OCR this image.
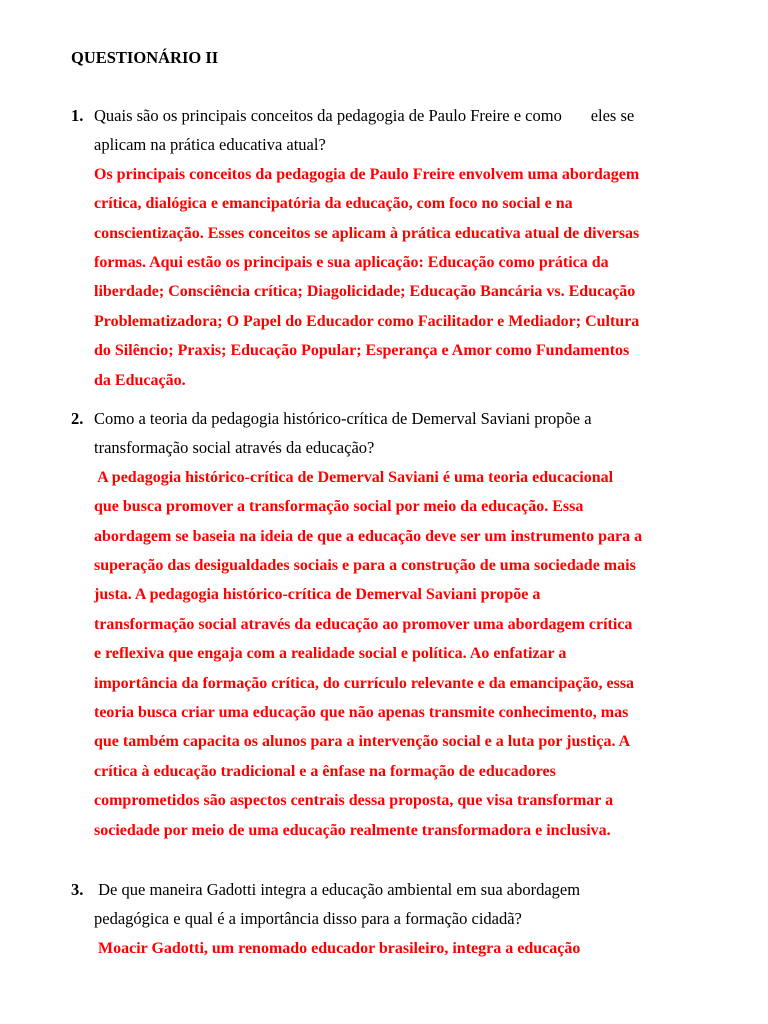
QUESTIONÁRIO II
1. Quais são os principais conceitos da pedagogia de Paulo Freire e como       eles se
aplicam na prática educativa atual?

Os principais conceitos da pedagogia de Paulo Freire envolvem uma abordagem
crítica, dialógica e emancipatória da educação, com foco no social e na
conscientização. Esses conceitos se aplicam à prática educativa atual de diversas
formas. Aqui estão os principais e sua aplicação: Educação como prática da
liberdade; Consciência crítica; Diagolicidade; Educação Bancária vs. Educação
Problematizadora; O Papel do Educador como Facilitador e Mediador; Cultura
do Silêncio; Praxis; Educação Popular; Esperança e Amor como Fundamentos
da Educação.
2. Como a teoria da pedagogia histórico-crítica de Demerval Saviani propõe a
transformação social através da educação?

A pedagogia histórico-crítica de Demerval Saviani é uma teoria educacional
que busca promover a transformação social por meio da educação. Essa
abordagem se baseia na ideia de que a educação deve ser um instrumento para a
superação das desigualdades sociais e para a construção de uma sociedade mais
justa. A pedagogia histórico-crítica de Demerval Saviani propõe a
transformação social através da educação ao promover uma abordagem crítica
e reflexiva que engaja com a realidade social e política. Ao enfatizar a
importância da formação crítica, do currículo relevante e da emancipação, essa
teoria busca criar uma educação que não apenas transmite conhecimento, mas
que também capacita os alunos para a intervenção social e a luta por justiça. A
crítica à educação tradicional e a ênfase na formação de educadores
comprometidos são aspectos centrais dessa proposta, que visa transformar a
sociedade por meio de uma educação realmente transformadora e inclusiva.
3. De que maneira Gadotti integra a educação ambiental em sua abordagem
pedagógica e qual é a importância disso para a formação cidadã?

Moacir Gadotti, um renomado educador brasileiro, integra a educação
